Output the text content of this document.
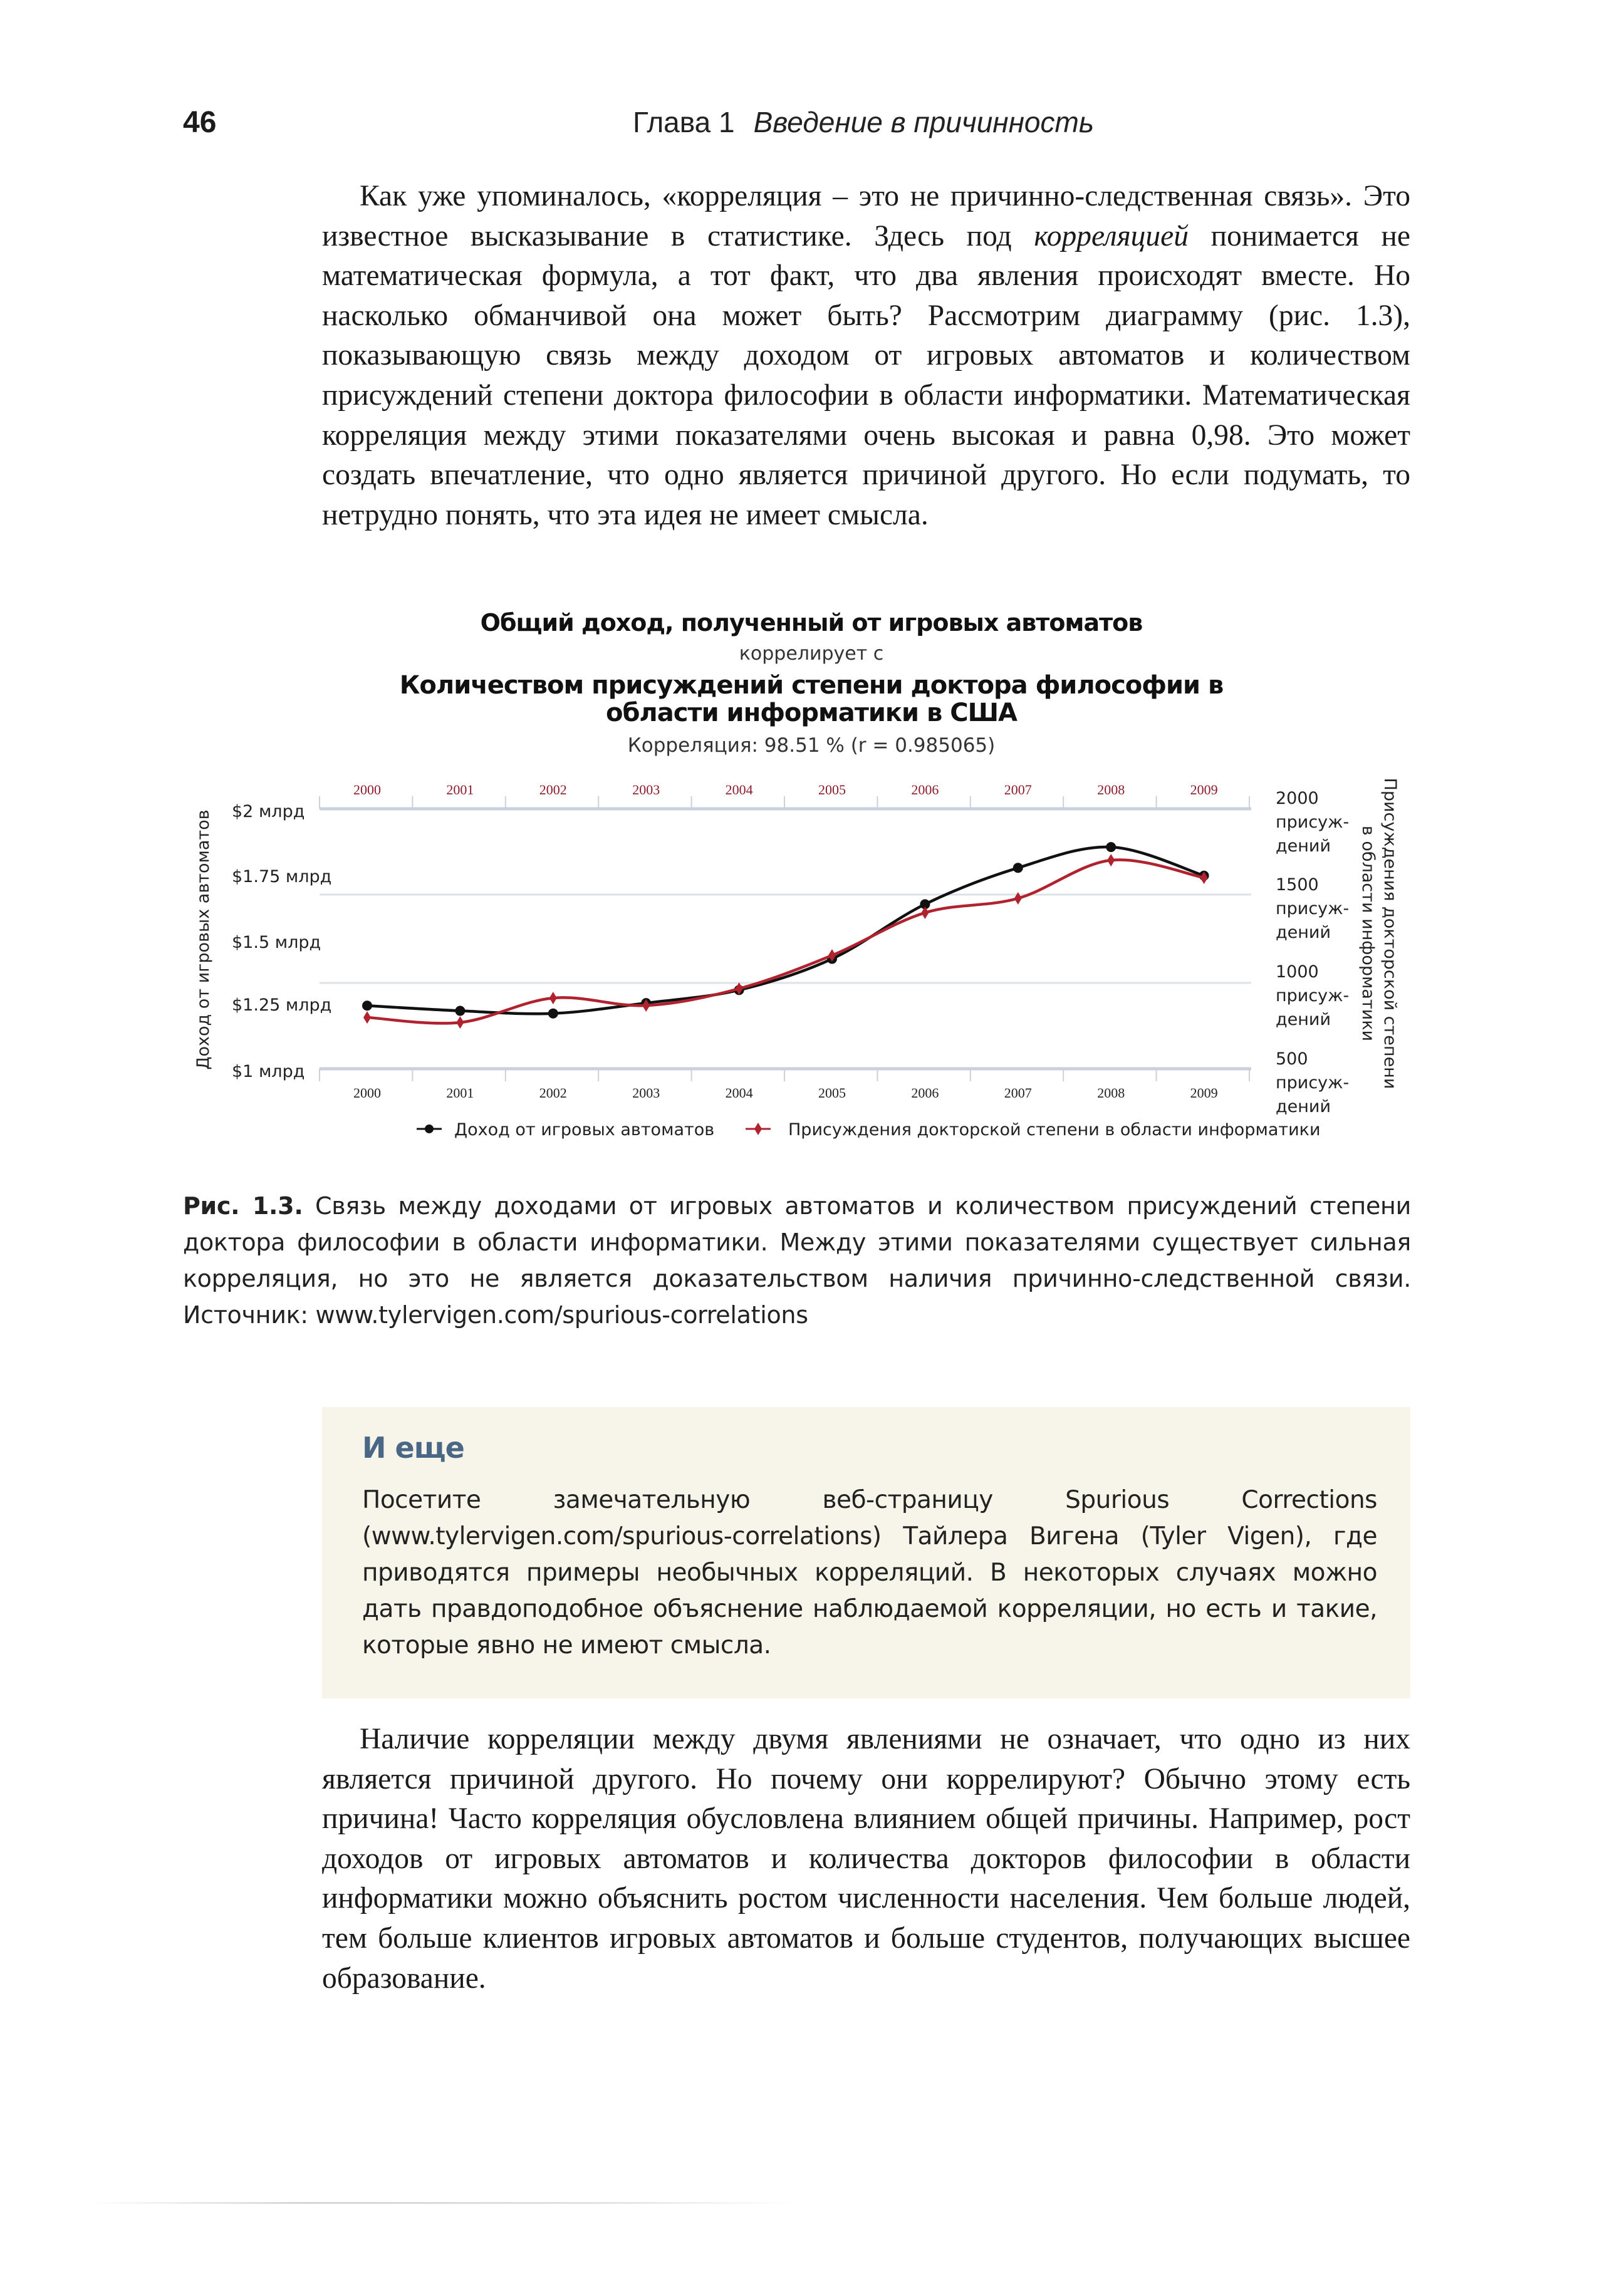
46	Глава 1 Введение в причинность

Как уже упоминалось, «корреляция – это не причинно-следственная связь». Это известное высказывание в статистике. Здесь под корреляцией понимается не математическая формула, а тот факт, что два явления происходят вместе. Но насколько обманчивой она может быть? Рассмотрим диаграмму (рис. 1.3), показывающую связь между доходом от игровых автоматов и количеством присуждений степени доктора философии в области информатики. Математическая корреляция между этими показателями очень высокая и равна 0,98. Это может создать впечатление, что одно является причиной другого. Но если подумать, то нетрудно понять, что эта идея не имеет смысла.

Общий доход, полученный от игровых автоматов
коррелирует с
Количеством присуждений степени доктора философии в области информатики в США
Корреляция: 98.51 % (r = 0.985065)
2000
2000
2001
2001
2002
2002
2003
2003
2004
2004
2005
2005
2006
2006
2007
2007
2008
2008
2009
2009
$2 млрд
$1.75 млрд
$1.5 млрд
$1.25 млрд
$1 млрд
Доход от игровых автоматов
2000
присуж-
дений
1500
присуж-
дений
1000
присуж-
дений
500
присуж-
дений
Присуждения докторской степени
в области информатики
Доход от игровых автоматов	Присуждения докторской степени в области информатики
Рис. 1.3. Связь между доходами от игровых автоматов и количеством присуждений степени доктора философии в области информатики. Между этими показателями существует сильная корреляция, но это не является доказательством наличия причинно-следственной связи. Источник: www.tylervigen.com/spurious-correlations
И еще
Посетите замечательную веб-страницу Spurious Corrections (www.tylervigen.com/spurious-correlations) Тайлера Вигена (Tyler Vigen), где приводятся примеры необычных корреляций. В некоторых случаях можно дать правдоподобное объяснение наблюдаемой корреляции, но есть и такие, которые явно не имеют смысла.

Наличие корреляции между двумя явлениями не означает, что одно из них является причиной другого. Но почему они коррелируют? Обычно этому есть причина! Часто корреляция обусловлена влиянием общей причины. Например, рост доходов от игровых автоматов и количества докторов философии в области информатики можно объяснить ростом численности населения. Чем больше людей, тем больше клиентов игровых автоматов и больше студентов, получающих высшее образование.
